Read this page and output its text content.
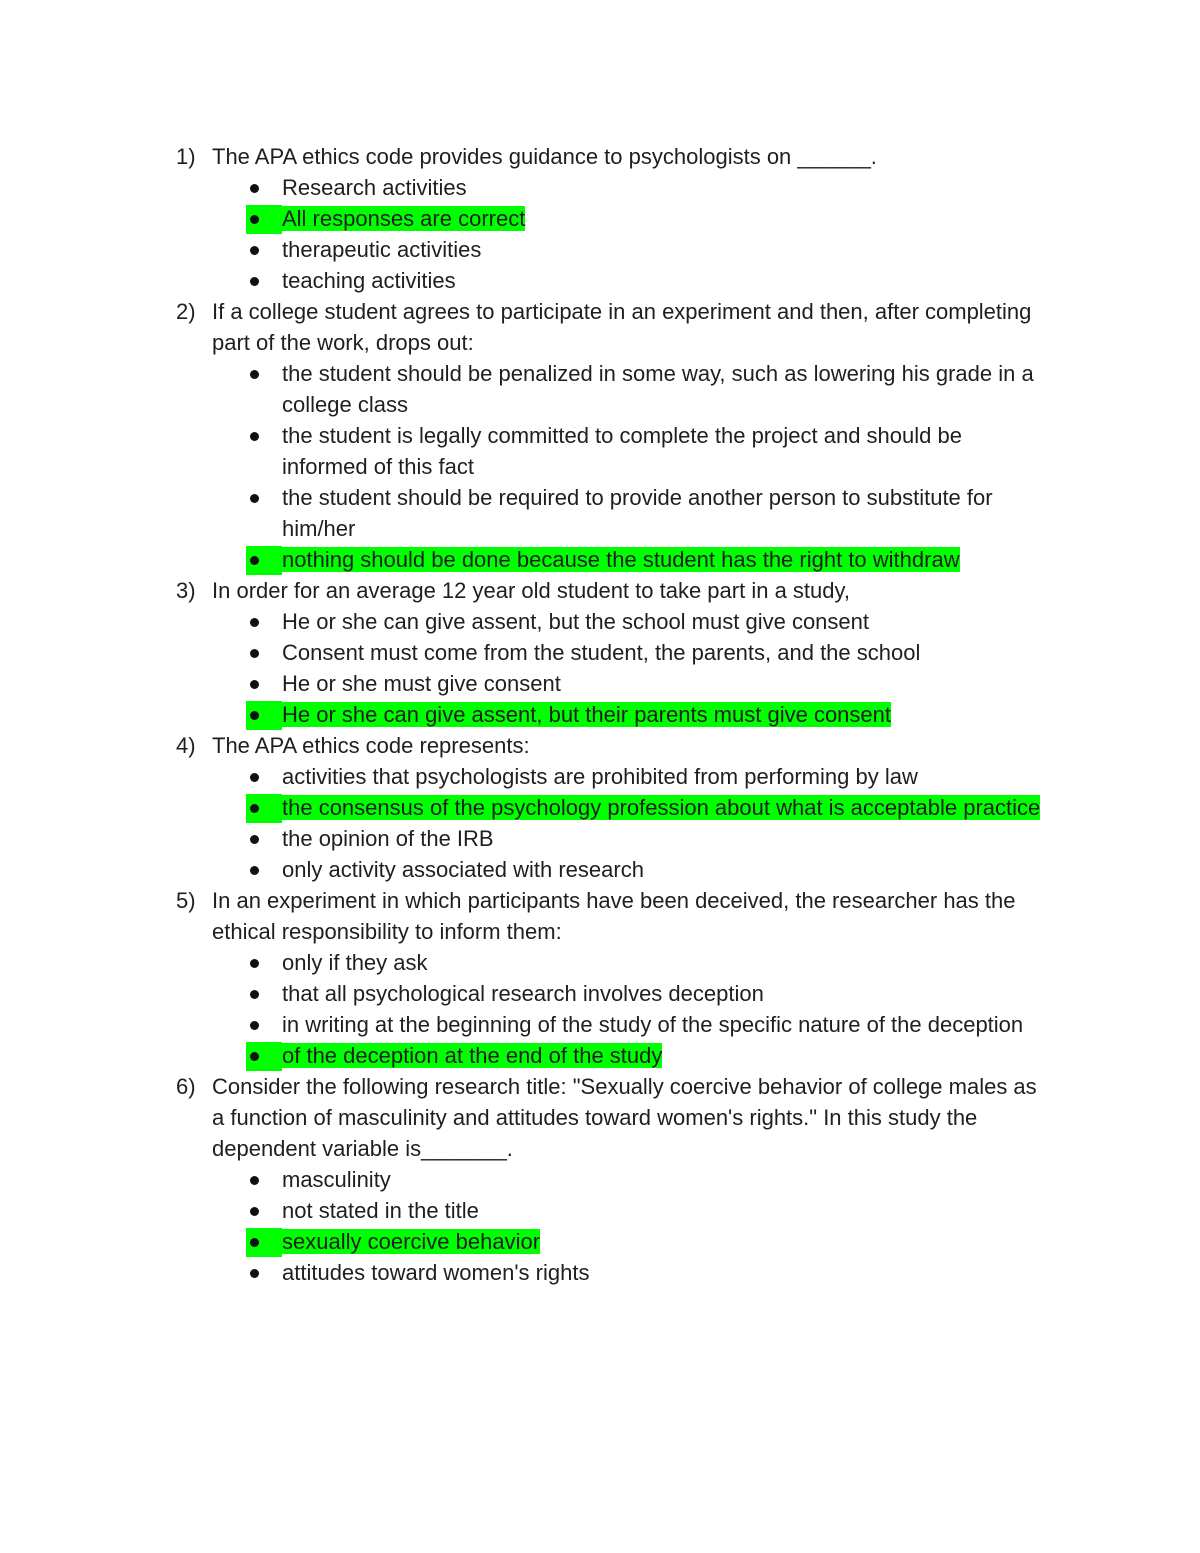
1) The APA ethics code provides guidance to psychologists on ______.
Research activities
All responses are correct
therapeutic activities
teaching activities
2) If a college student agrees to participate in an experiment and then, after completing part of the work, drops out:
the student should be penalized in some way, such as lowering his grade in a college class
the student is legally committed to complete the project and should be informed of this fact
the student should be required to provide another person to substitute for him/her
nothing should be done because the student has the right to withdraw
3) In order for an average 12 year old student to take part in a study,
He or she can give assent, but the school must give consent
Consent must come from the student, the parents, and the school
He or she must give consent
He or she can give assent, but their parents must give consent
4) The APA ethics code represents:
activities that psychologists are prohibited from performing by law
the consensus of the psychology profession about what is acceptable practice
the opinion of the IRB
only activity associated with research
5) In an experiment in which participants have been deceived, the researcher has the ethical responsibility to inform them:
only if they ask
that all psychological research involves deception
in writing at the beginning of the study of the specific nature of the deception
of the deception at the end of the study
6) Consider the following research title: "Sexually coercive behavior of college males as a function of masculinity and attitudes toward women's rights." In this study the dependent variable is_______.
masculinity
not stated in the title
sexually coercive behavior
attitudes toward women's rights
